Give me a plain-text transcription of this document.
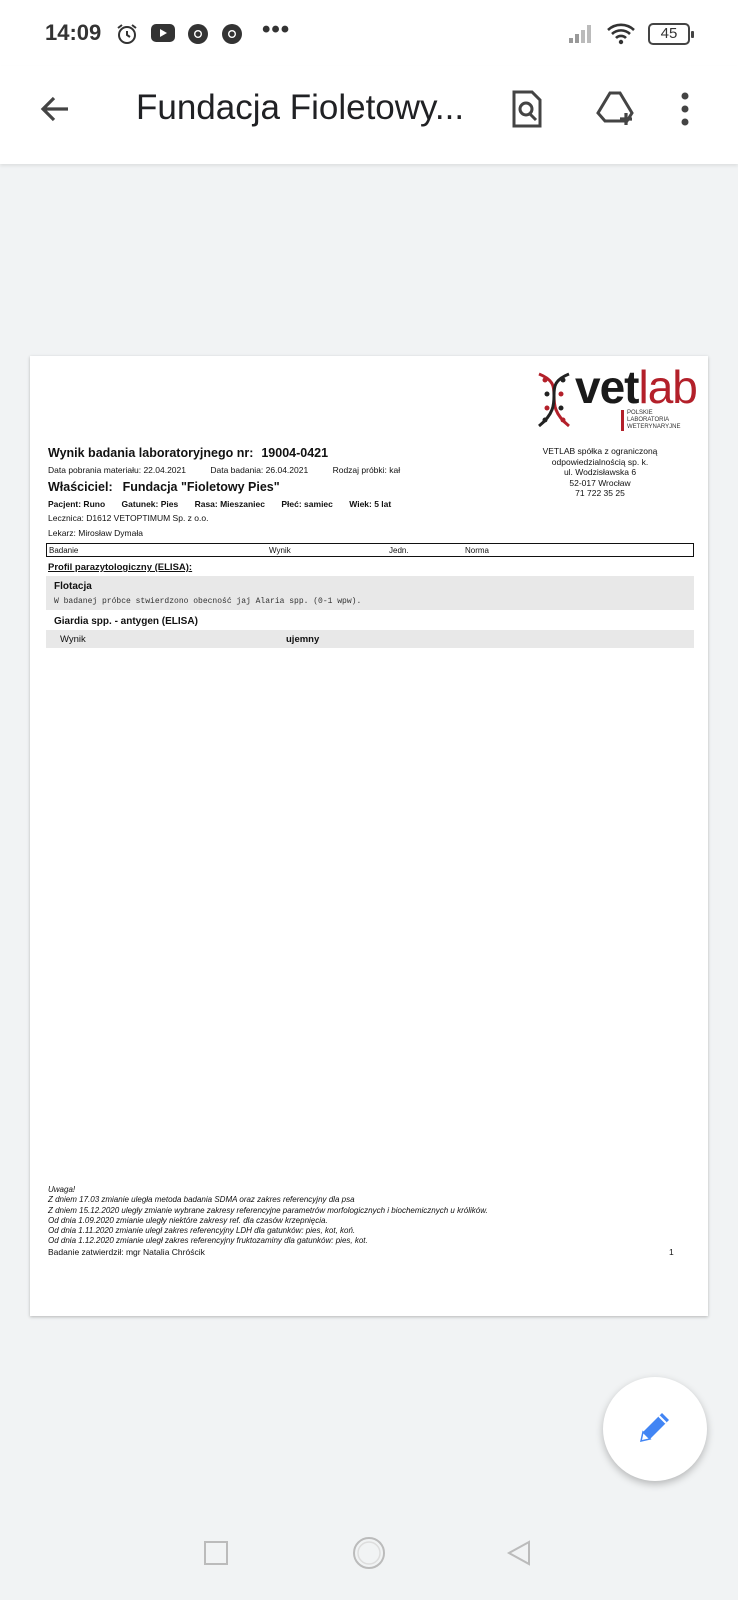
14:09	•••	45
Fundacja Fioletowy...
vetlab
POLSKIE LABORATORIA
WETERYNARYJNE
Wynik badania laboratoryjnego nr: 19004-0421
Data pobrania materiału: 22.04.2021	Data badania: 26.04.2021	Rodzaj próbki: kał
Właściciel: Fundacja "Fioletowy Pies"
Pacjent: Runo Gatunek: Pies Rasa: Mieszaniec Płeć: samiec Wiek: 5 lat
Lecznica: D1612 VETOPTIMUM Sp. z o.o.
Lekarz: Mirosław Dymała
VETLAB spółka z ograniczoną
odpowiedzialnością sp. k.
ul. Wodzisławska 6
52-017 Wrocław
71 722 35 25
Badanie	Wynik	Jedn.	Norma
Profil parazytologiczny (ELISA):
Flotacja
W badanej próbce stwierdzono obecność jaj Alaria spp. (0-1 wpw).
Giardia spp. - antygen (ELISA)
Wynik	ujemny
Uwaga!
Z dniem 17.03 zmianie uległa metoda badania SDMA oraz zakres referencyjny dla psa
Z dniem 15.12.2020 uległy zmianie wybrane zakresy referencyjne parametrów morfologicznych i biochemicznych u królików.
Od dnia 1.09.2020 zmianie uległy niektóre zakresy ref. dla czasów krzepnięcia.
Od dnia 1.11.2020 zmianie uległ zakres referencyjny LDH dla gatunków: pies, kot, koń.
Od dnia 1.12.2020 zmianie uległ zakres referencyjny fruktozaminy dla gatunków: pies, kot.
Badanie zatwierdził: mgr Natalia Chróścik	1
